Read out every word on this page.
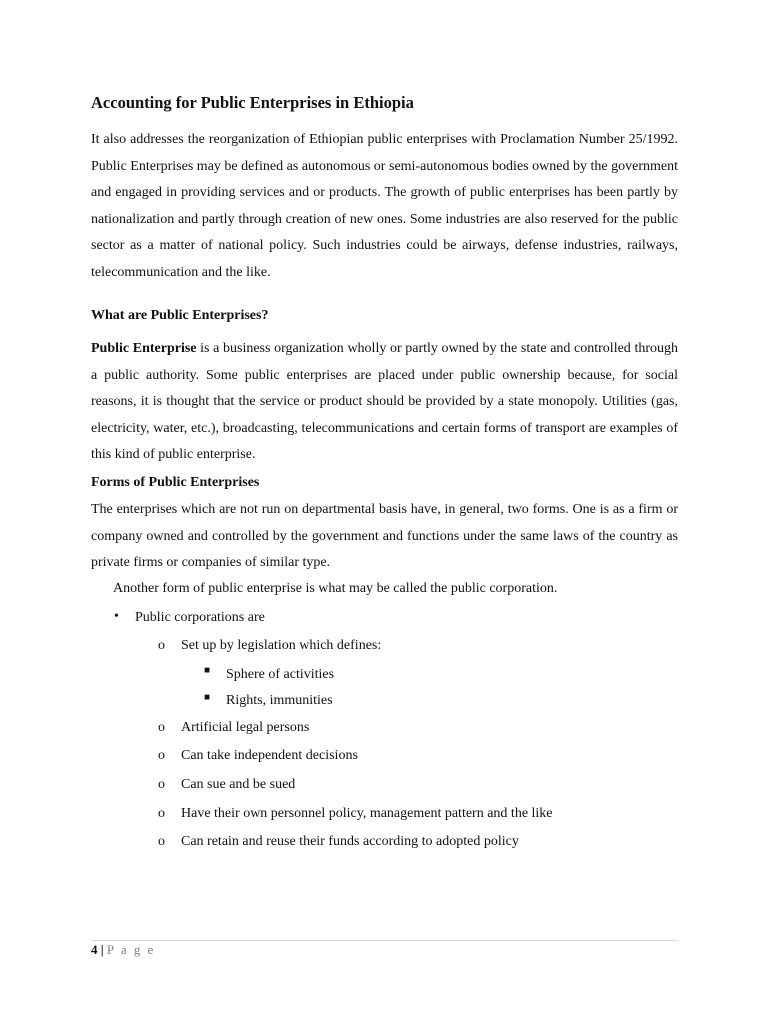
Accounting for Public Enterprises in Ethiopia

It also addresses the reorganization of Ethiopian public enterprises with Proclamation Number 25/1992. Public Enterprises may be defined as autonomous or semi-autonomous bodies owned by the government and engaged in providing services and or products. The growth of public enterprises has been partly by nationalization and partly through creation of new ones. Some industries are also reserved for the public sector as a matter of national policy. Such industries could be airways, defense industries, railways, telecommunication and the like.

What are Public Enterprises?

Public Enterprise is a business organization wholly or partly owned by the state and controlled through a public authority. Some public enterprises are placed under public ownership because, for social reasons, it is thought that the service or product should be provided by a state monopoly. Utilities (gas, electricity, water, etc.), broadcasting, telecommunications and certain forms of transport are examples of this kind of public enterprise.

Forms of Public Enterprises

The enterprises which are not run on departmental basis have, in general, two forms. One is as a firm or company owned and controlled by the government and functions under the same laws of the country as private firms or companies of similar type.

Another form of public enterprise is what may be called the public corporation.
• Public corporations are
o Set up by legislation which defines:
■ Sphere of activities
■ Rights, immunities
o Artificial legal persons
o Can take independent decisions
o Can sue and be sued
o Have their own personnel policy, management pattern and the like
o Can retain and reuse their funds according to adopted policy
4 | P a g e
